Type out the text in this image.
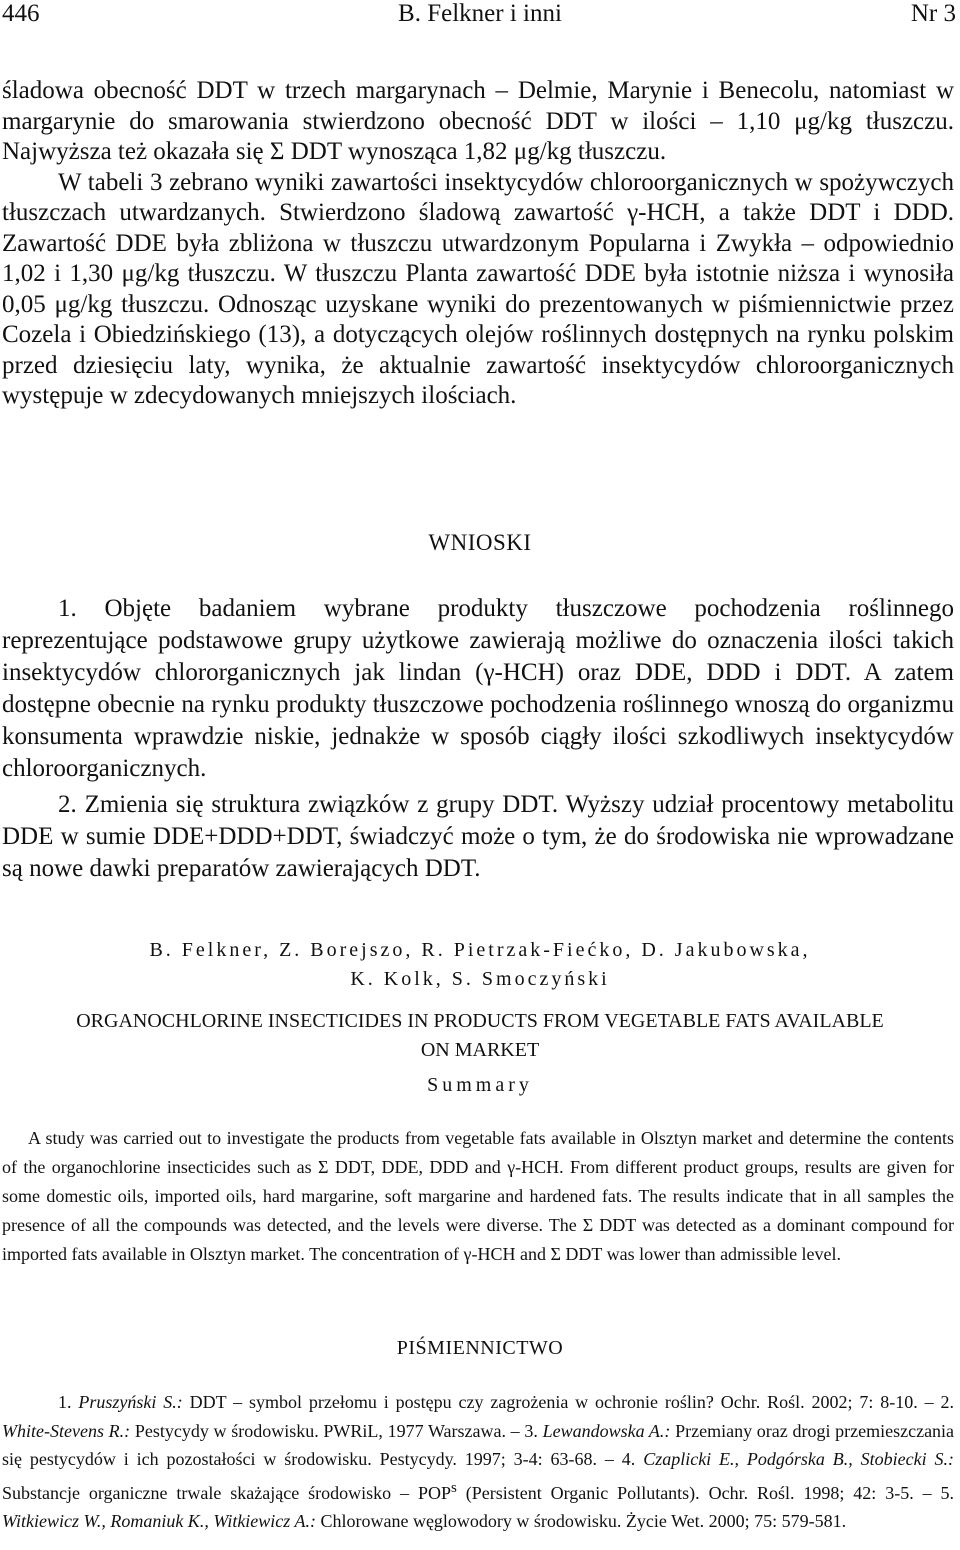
446	B. Felkner i inni	Nr 3

śladowa obecność DDT w trzech margarynach – Delmie, Marynie i Benecolu, natomiast w margarynie do smarowania stwierdzono obecność DDT w ilości – 1,10 μg/kg tłuszczu. Najwyższa też okazała się Σ DDT wynosząca 1,82 μg/kg tłuszczu.

W tabeli 3 zebrano wyniki zawartości insektycydów chloroorganicznych w spożywczych tłuszczach utwardzanych. Stwierdzono śladową zawartość γ-HCH, a także DDT i DDD. Zawartość DDE była zbliżona w tłuszczu utwardzonym Popularna i Zwykła – odpowiednio 1,02 i 1,30 μg/kg tłuszczu. W tłuszczu Planta zawartość DDE była istotnie niższa i wynosiła 0,05 μg/kg tłuszczu. Odnosząc uzyskane wyniki do prezentowanych w piśmiennictwie przez Cozela i Obiedzińskiego (13), a dotyczących olejów roślinnych dostępnych na rynku polskim przed dziesięciu laty, wynika, że aktualnie zawartość insektycydów chloroorganicznych występuje w zdecydowanych mniejszych ilościach.

WNIOSKI

1. Objęte badaniem wybrane produkty tłuszczowe pochodzenia roślinnego reprezentujące podstawowe grupy użytkowe zawierają możliwe do oznaczenia ilości takich insektycydów chlororganicznych jak lindan (γ-HCH) oraz DDE, DDD i DDT. A zatem dostępne obecnie na rynku produkty tłuszczowe pochodzenia roślinnego wnoszą do organizmu konsumenta wprawdzie niskie, jednakże w sposób ciągły ilości szkodliwych insektycydów chloroorganicznych.

2. Zmienia się struktura związków z grupy DDT. Wyższy udział procentowy metabolitu DDE w sumie DDE+DDD+DDT, świadczyć może o tym, że do środowiska nie wprowadzane są nowe dawki preparatów zawierających DDT.

B. Felkner, Z. Borejszo, R. Pietrzak-Fiećko, D. Jakubowska,
K. Kolk, S. Smoczyński
ORGANOCHLORINE INSECTICIDES IN PRODUCTS FROM VEGETABLE FATS AVAILABLE
ON MARKET
Summary

A study was carried out to investigate the products from vegetable fats available in Olsztyn market and determine the contents of the organochlorine insecticides such as Σ DDT, DDE, DDD and γ-HCH. From different product groups, results are given for some domestic oils, imported oils, hard margarine, soft margarine and hardened fats. The results indicate that in all samples the presence of all the compounds was detected, and the levels were diverse. The Σ DDT was detected as a dominant compound for imported fats available in Olsztyn market. The concentration of γ-HCH and Σ DDT was lower than admissible level.

PIŚMIENNICTWO

1. Pruszyński S.: DDT – symbol przełomu i postępu czy zagrożenia w ochronie roślin? Ochr. Rośl. 2002; 7: 8-10. – 2. White-Stevens R.: Pestycydy w środowisku. PWRiL, 1977 Warszawa. – 3. Lewandowska A.: Przemiany oraz drogi przemieszczania się pestycydów i ich pozostałości w środowisku. Pestycydy. 1997; 3-4: 63-68. – 4. Czaplicki E., Podgórska B., Stobiecki S.: Substancje organiczne trwale skażające środowisko – POP$^s$ (Persistent Organic Pollutants). Ochr. Rośl. 1998; 42: 3-5. – 5. Witkiewicz W., Romaniuk K., Witkiewicz A.: Chlorowane węglowodory w środowisku. Życie Wet. 2000; 75: 579-581.
